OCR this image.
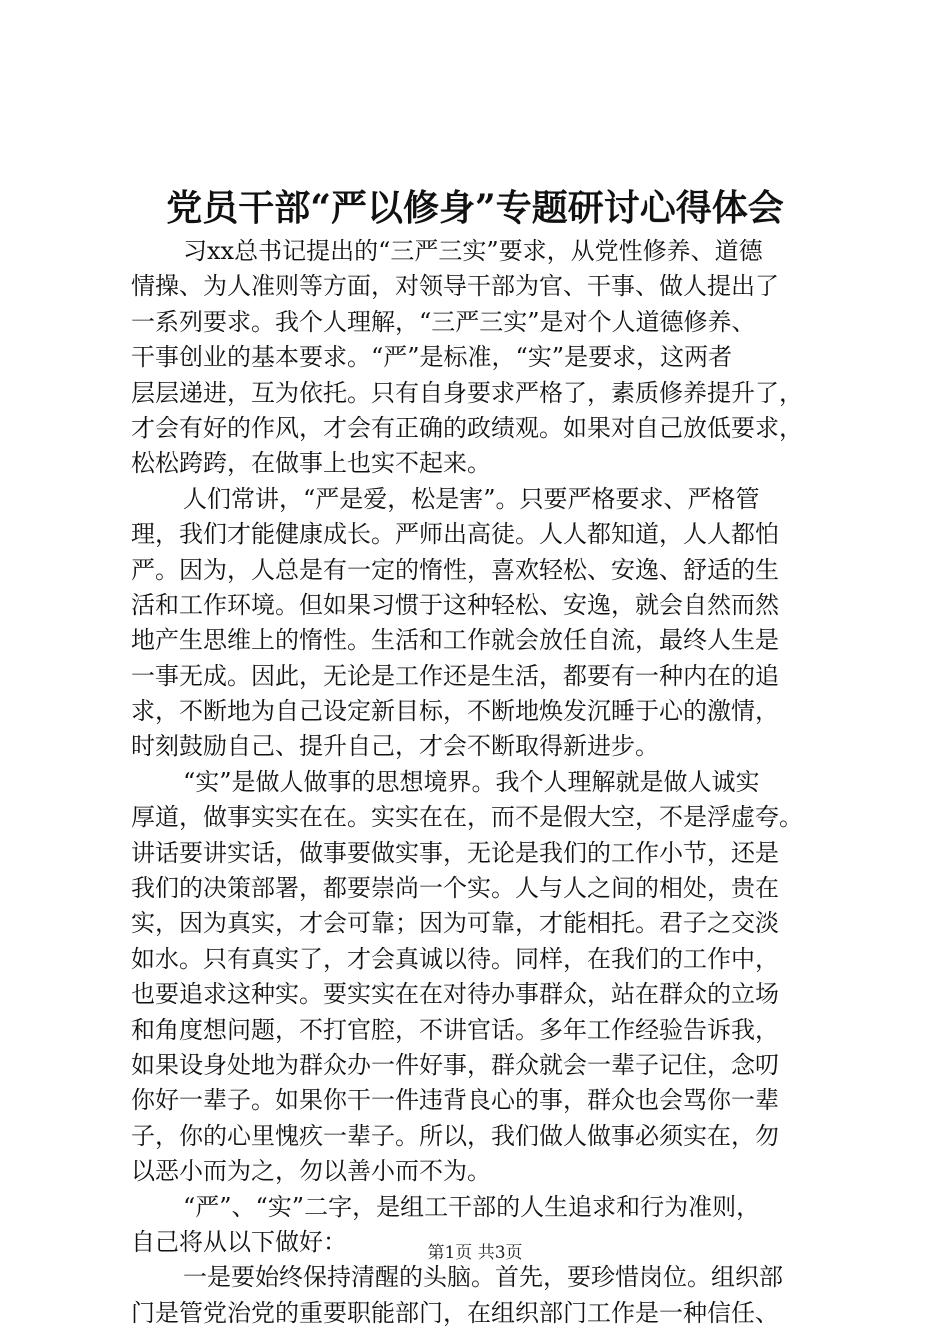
党员干部“严以修身”专题研讨心得体会
习xx总书记提出的“三严三实”要求，从党性修养、道德
情操、为人准则等方面，对领导干部为官、干事、做人提出了
一系列要求。我个人理解，“三严三实”是对个人道德修养、
干事创业的基本要求。“严”是标准，“实”是要求，这两者
层层递进，互为依托。只有自身要求严格了，素质修养提升了，
才会有好的作风，才会有正确的政绩观。如果对自己放低要求，
松松跨跨，在做事上也实不起来。
人们常讲，“严是爱，松是害”。只要严格要求、严格管
理，我们才能健康成长。严师出高徒。人人都知道，人人都怕
严。因为，人总是有一定的惰性，喜欢轻松、安逸、舒适的生
活和工作环境。但如果习惯于这种轻松、安逸，就会自然而然
地产生思维上的惰性。生活和工作就会放任自流，最终人生是
一事无成。因此，无论是工作还是生活，都要有一种内在的追
求，不断地为自己设定新目标，不断地焕发沉睡于心的激情，
时刻鼓励自己、提升自己，才会不断取得新进步。
“实”是做人做事的思想境界。我个人理解就是做人诚实
厚道，做事实实在在。实实在在，而不是假大空，不是浮虚夸。
讲话要讲实话，做事要做实事，无论是我们的工作小节，还是
我们的决策部署，都要崇尚一个实。人与人之间的相处，贵在
实，因为真实，才会可靠；因为可靠，才能相托。君子之交淡
如水。只有真实了，才会真诚以待。同样，在我们的工作中，
也要追求这种实。要实实在在对待办事群众，站在群众的立场
和角度想问题，不打官腔，不讲官话。多年工作经验告诉我，
如果设身处地为群众办一件好事，群众就会一辈子记住，念叨
你好一辈子。如果你干一件违背良心的事，群众也会骂你一辈
子，你的心里愧疚一辈子。所以，我们做人做事必须实在，勿
以恶小而为之，勿以善小而不为。
“严”、“实”二字，是组工干部的人生追求和行为准则，
自己将从以下做好：
一是要始终保持清醒的头脑。首先，要珍惜岗位。组织部
门是管党治党的重要职能部门，在组织部门工作是一种信任、
第1页 共3页
